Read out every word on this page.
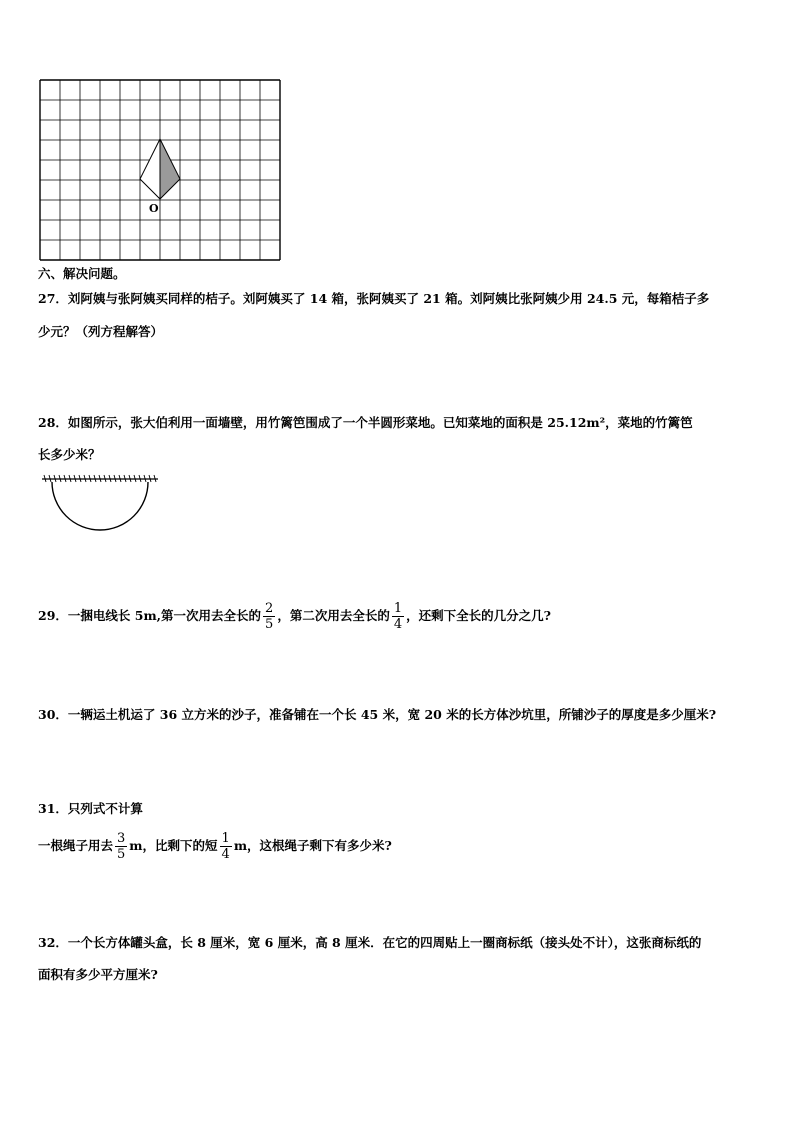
O
六、解决问题。
27．刘阿姨与张阿姨买同样的桔子。刘阿姨买了 14 箱，张阿姨买了 21 箱。刘阿姨比张阿姨少用 24.5 元，每箱桔子多
少元？（列方程解答）
28．如图所示，张大伯利用一面墙壁，用竹篱笆围成了一个半圆形菜地。已知菜地的面积是 25.12m²，菜地的竹篱笆
长多少米？
29．一捆电线长 5m,第一次用去全长的 $\frac{2}{5}$ ，第二次用去全长的 $\frac{1}{4}$ ，还剩下全长的几分之几?
30．一辆运土机运了 36 立方米的沙子，准备铺在一个长 45 米，宽 20 米的长方体沙坑里，所铺沙子的厚度是多少厘米?
31．只列式不计算
一根绳子用去 $\frac{3}{5}$ m，比剩下的短 $\frac{1}{4}$ m，这根绳子剩下有多少米?
32．一个长方体罐头盒，长 8 厘米，宽 6 厘米，高 8 厘米．在它的四周贴上一圈商标纸（接头处不计），这张商标纸的
面积有多少平方厘米?
